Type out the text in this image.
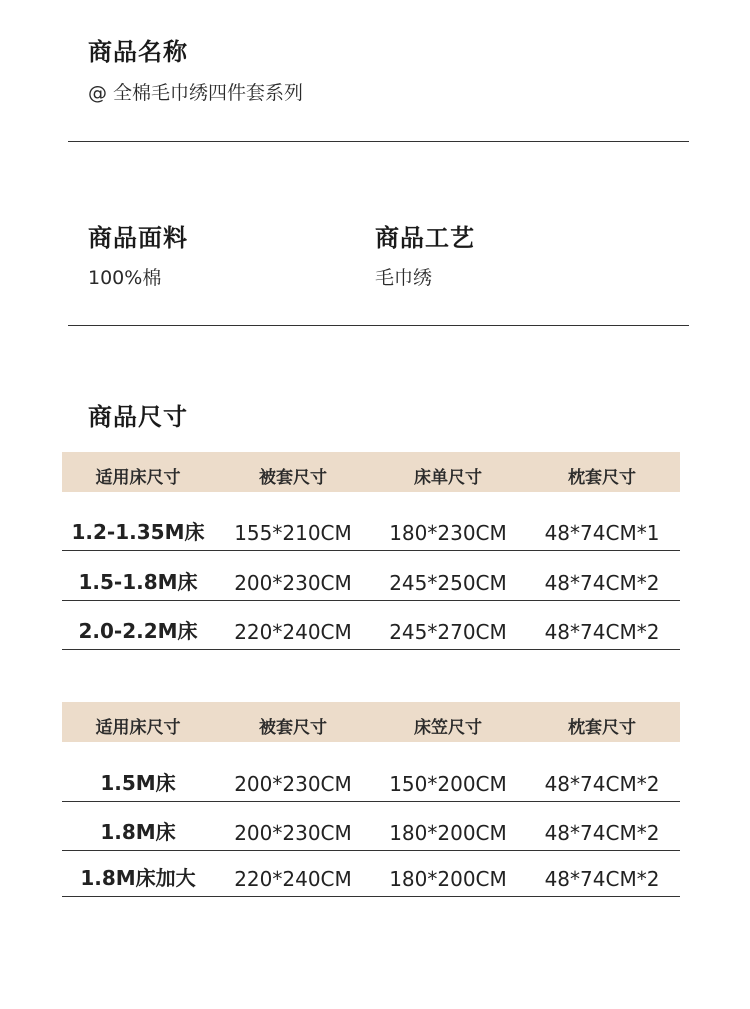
商品名称
@ 全棉毛巾绣四件套系列
商品面料
100%棉
商品工艺
毛巾绣
商品尺寸
适用床尺寸	被套尺寸	床单尺寸	枕套尺寸
1.2-1.35M床	155*210CM	180*230CM	48*74CM*1
1.5-1.8M床	200*230CM	245*250CM	48*74CM*2
2.0-2.2M床	220*240CM	245*270CM	48*74CM*2
适用床尺寸	被套尺寸	床笠尺寸	枕套尺寸
1.5M床	200*230CM	150*200CM	48*74CM*2
1.8M床	200*230CM	180*200CM	48*74CM*2
1.8M床加大	220*240CM	180*200CM	48*74CM*2
